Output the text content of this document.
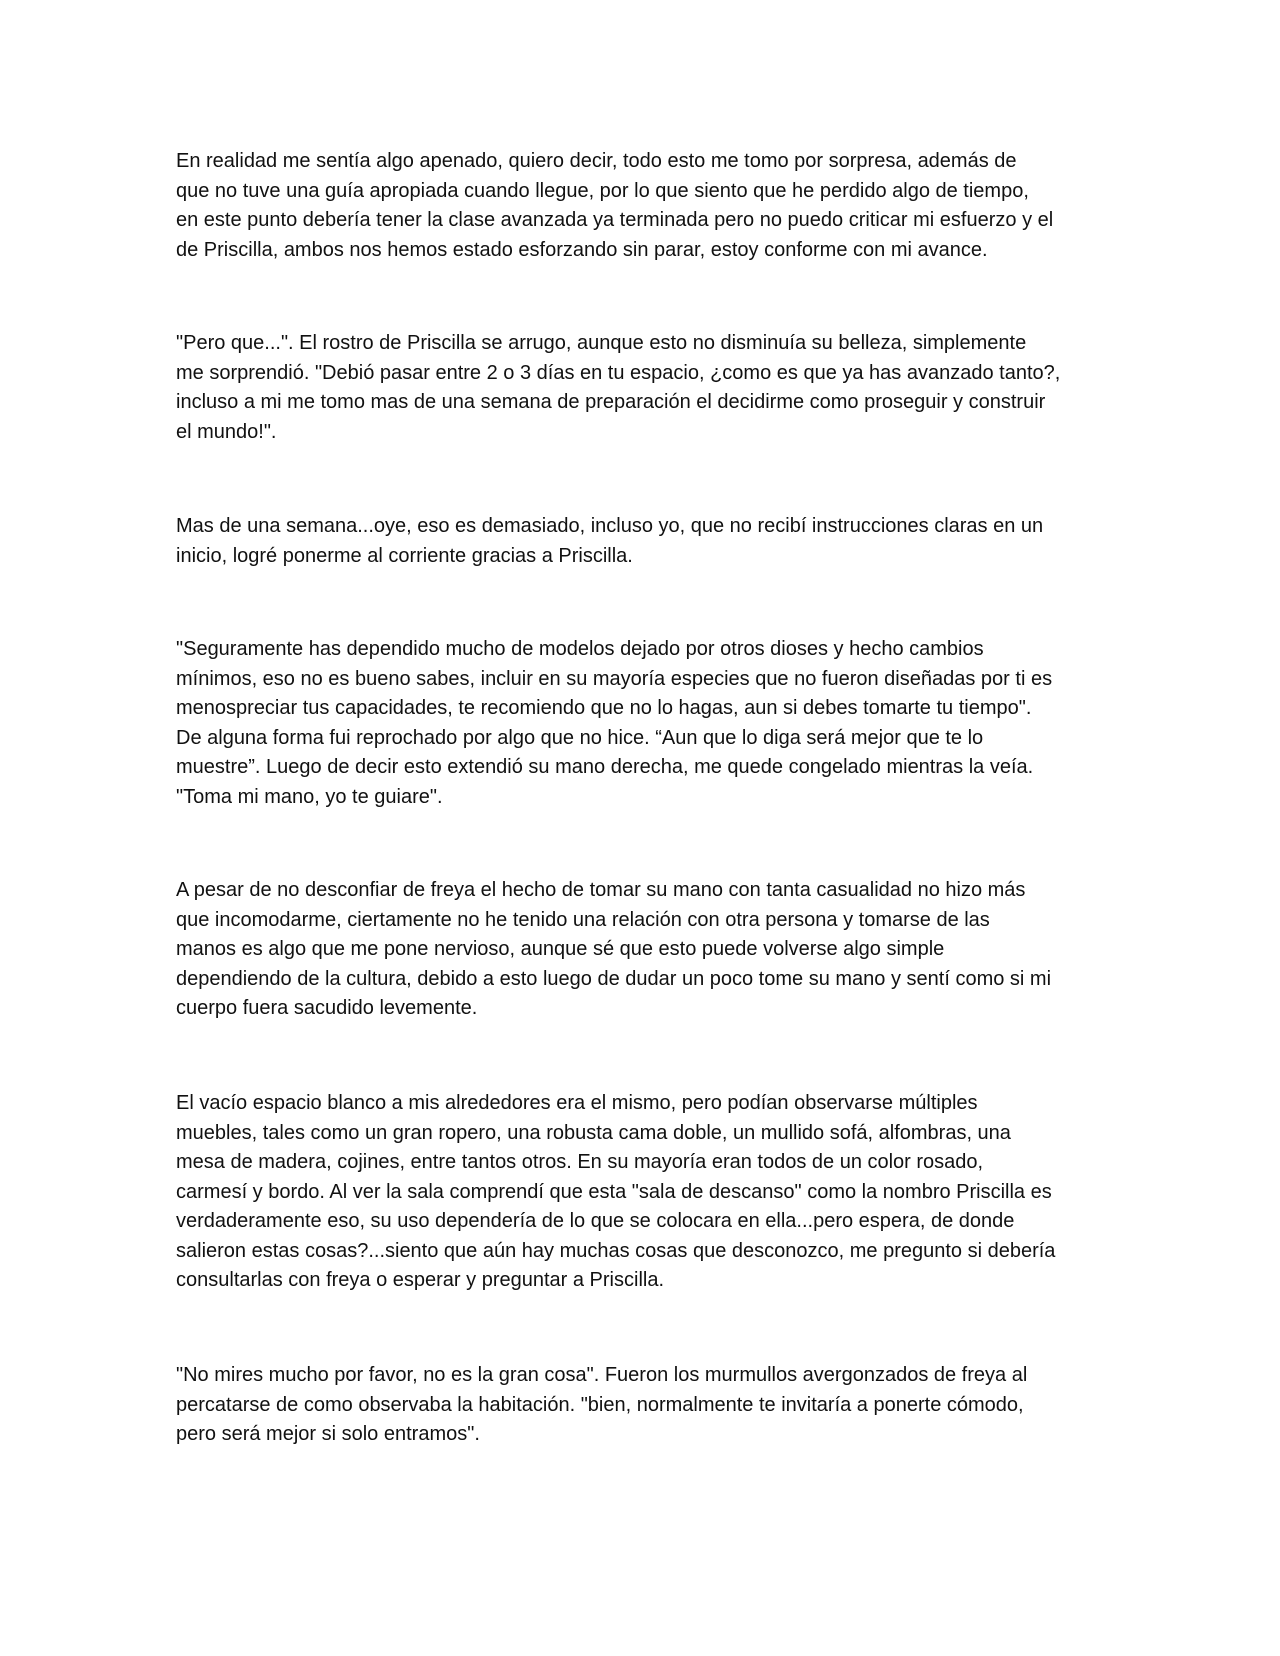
En realidad me sentía algo apenado, quiero decir, todo esto me tomo por sorpresa, además de
que no tuve una guía apropiada cuando llegue, por lo que siento que he perdido algo de tiempo,
en este punto debería tener la clase avanzada ya terminada pero no puedo criticar mi esfuerzo y el
de Priscilla, ambos nos hemos estado esforzando sin parar, estoy conforme con mi avance.

"Pero que...". El rostro de Priscilla se arrugo, aunque esto no disminuía su belleza, simplemente
me sorprendió. "Debió pasar entre 2 o 3 días en tu espacio, ¿como es que ya has avanzado tanto?,
incluso a mi me tomo mas de una semana de preparación el decidirme como proseguir y construir
el mundo!".

Mas de una semana...oye, eso es demasiado, incluso yo, que no recibí instrucciones claras en un
inicio, logré ponerme al corriente gracias a Priscilla.

"Seguramente has dependido mucho de modelos dejado por otros dioses y hecho cambios
mínimos, eso no es bueno sabes, incluir en su mayoría especies que no fueron diseñadas por ti es
menospreciar tus capacidades, te recomiendo que no lo hagas, aun si debes tomarte tu tiempo".
De alguna forma fui reprochado por algo que no hice. “Aun que lo diga será mejor que te lo
muestre”. Luego de decir esto extendió su mano derecha, me quede congelado mientras la veía.
"Toma mi mano, yo te guiare".

A pesar de no desconfiar de freya el hecho de tomar su mano con tanta casualidad no hizo más
que incomodarme, ciertamente no he tenido una relación con otra persona y tomarse de las
manos es algo que me pone nervioso, aunque sé que esto puede volverse algo simple
dependiendo de la cultura, debido a esto luego de dudar un poco tome su mano y sentí como si mi
cuerpo fuera sacudido levemente.

El vacío espacio blanco a mis alrededores era el mismo, pero podían observarse múltiples
muebles, tales como un gran ropero, una robusta cama doble, un mullido sofá, alfombras, una
mesa de madera, cojines, entre tantos otros. En su mayoría eran todos de un color rosado,
carmesí y bordo. Al ver la sala comprendí que esta "sala de descanso" como la nombro Priscilla es
verdaderamente eso, su uso dependería de lo que se colocara en ella...pero espera, de donde
salieron estas cosas?...siento que aún hay muchas cosas que desconozco, me pregunto si debería
consultarlas con freya o esperar y preguntar a Priscilla.

"No mires mucho por favor, no es la gran cosa". Fueron los murmullos avergonzados de freya al
percatarse de como observaba la habitación. "bien, normalmente te invitaría a ponerte cómodo,
pero será mejor si solo entramos".
